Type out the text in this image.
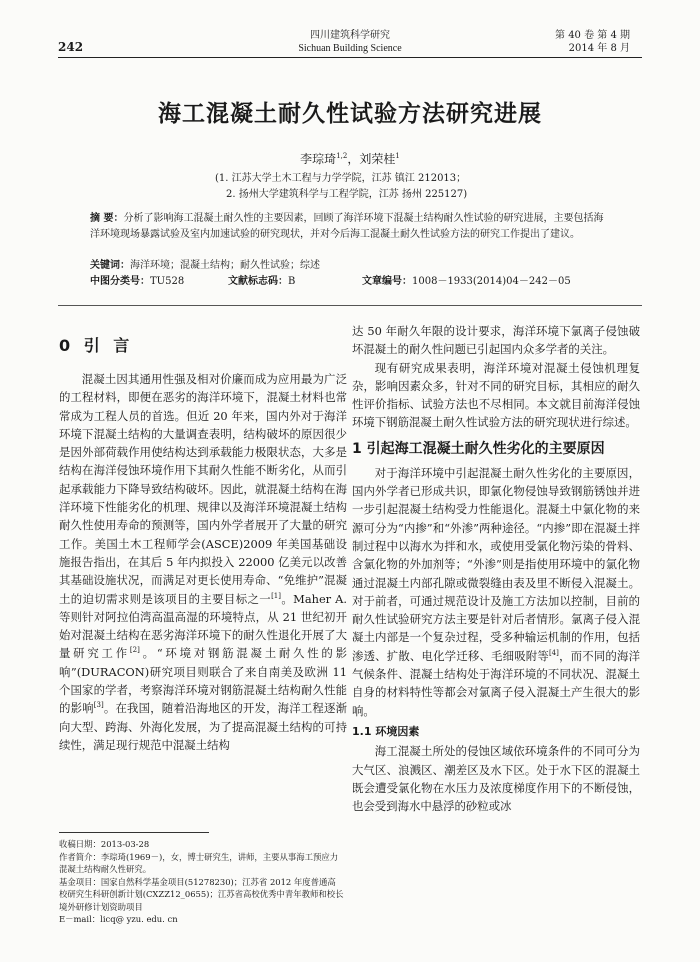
242
四川建筑科学研究
Sichuan Building Science
第 40 卷 第 4 期
2014 年 8 月
海工混凝土耐久性试验方法研究进展
李琮琦$^{1,2}$，刘荣桂$^1$
(1. 江苏大学土木工程与力学学院，江苏 镇江 212013；
2. 扬州大学建筑科学与工程学院，江苏 扬州 225127)
摘 要：分析了影响海工混凝土耐久性的主要因素，回顾了海洋环境下混凝土结构耐久性试验的研究进展，主要包括海洋环境现场暴露试验及室内加速试验的研究现状，并对今后海工混凝土耐久性试验方法的研究工作提出了建议。
关键词：海洋环境；混凝土结构；耐久性试验；综述
中图分类号：TU528	文献标志码：B	文章编号：1008－1933(2014)04－242－05
0 引 言

混凝土因其通用性强及相对价廉而成为应用最为广泛的工程材料，即便在恶劣的海洋环境下，混凝土材料也常常成为工程人员的首选。但近 20 年来，国内外对于海洋环境下混凝土结构的大量调查表明，结构破坏的原因很少是因外部荷载作用使结构达到承载能力极限状态，大多是结构在海洋侵蚀环境作用下其耐久性能不断劣化，从而引起承载能力下降导致结构破坏。因此，就混凝土结构在海洋环境下性能劣化的机理、规律以及海洋环境混凝土结构耐久性使用寿命的预测等，国内外学者展开了大量的研究工作。美国土木工程师学会(ASCE)2009 年美国基础设施报告指出，在其后 5 年内拟投入 22000 亿美元以改善其基础设施状况，而满足对更长使用寿命、“免维护”混凝土的迫切需求则是该项目的主要目标之一[1]。Maher A. 等则针对阿拉伯湾高温高湿的环境特点，从 21 世纪初开始对混凝土结构在恶劣海洋环境下的耐久性退化开展了大量研究工作[2]。“环境对钢筋混凝土耐久性的影响”(DURACON)研究项目则联合了来自南美及欧洲 11 个国家的学者，考察海洋环境对钢筋混凝土结构耐久性能的影响[3]。在我国，随着沿海地区的开发，海洋工程逐渐向大型、跨海、外海化发展，为了提高混凝土结构的可持续性，满足现行规范中混凝土结构

达 50 年耐久年限的设计要求，海洋环境下氯离子侵蚀破坏混凝土的耐久性问题已引起国内众多学者的关注。

现有研究成果表明，海洋环境对混凝土侵蚀机理复杂，影响因素众多，针对不同的研究目标，其相应的耐久性评价指标、试验方法也不尽相同。本文就目前海洋侵蚀环境下钢筋混凝土耐久性试验方法的研究现状进行综述。

1 引起海工混凝土耐久性劣化的主要原因

对于海洋环境中引起混凝土耐久性劣化的主要原因，国内外学者已形成共识，即氯化物侵蚀导致钢筋锈蚀并进一步引起混凝土结构受力性能退化。混凝土中氯化物的来源可分为“内掺”和“外渗”两种途径。“内掺”即在混凝土拌制过程中以海水为拌和水，或使用受氯化物污染的骨料、含氯化物的外加剂等；“外渗”则是指使用环境中的氯化物通过混凝土内部孔隙或微裂缝由表及里不断侵入混凝土。对于前者，可通过规范设计及施工方法加以控制，目前的耐久性试验研究方法主要是针对后者情形。氯离子侵入混凝土内部是一个复杂过程，受多种输运机制的作用，包括渗透、扩散、电化学迁移、毛细吸附等[4]，而不同的海洋气候条件、混凝土结构处于海洋环境的不同状况、混凝土自身的材料特性等都会对氯离子侵入混凝土产生很大的影响。

1.1 环境因素

海工混凝土所处的侵蚀区域依环境条件的不同可分为大气区、浪溅区、潮差区及水下区。处于水下区的混凝土既会遭受氯化物在水压力及浓度梯度作用下的不断侵蚀，也会受到海水中悬浮的砂粒或冰

收稿日期：2013-03-28
作者简介：李琮琦(1969－)，女，博士研究生，讲师，主要从事海工预应力混凝土结构耐久性研究。
基金项目：国家自然科学基金项目(51278230)；江苏省 2012 年度普通高校研究生科研创新计划(CXZZ12_0655)；江苏省高校优秀中青年教师和校长境外研修计划资助项目
E－mail：licq@ yzu. edu. cn
